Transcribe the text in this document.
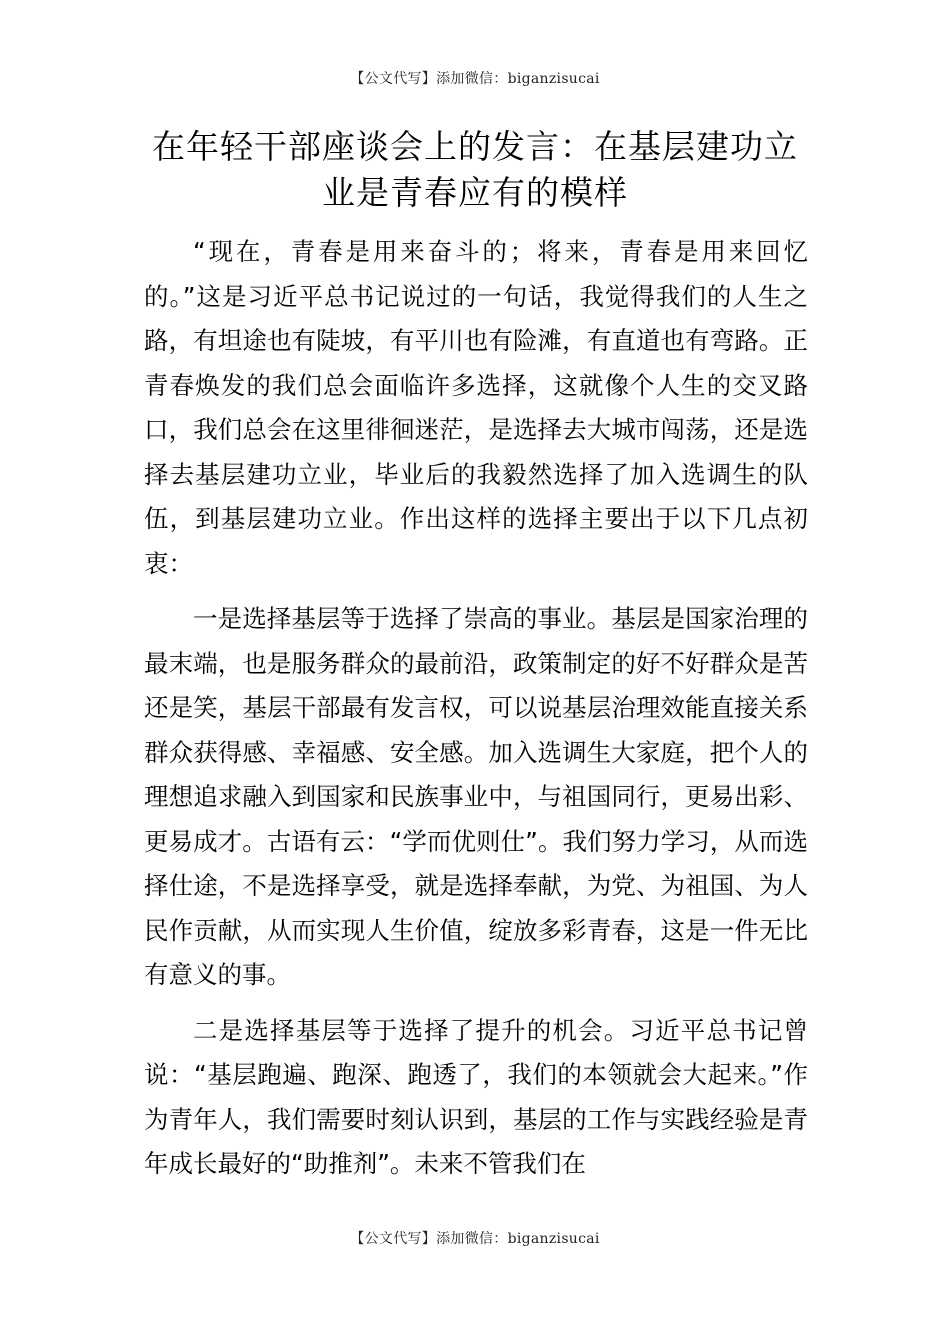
【公文代写】添加微信：biganzisucai
在年轻干部座谈会上的发言：在基层建功立业是青春应有的模样

“现在，青春是用来奋斗的；将来，青春是用来回忆的。”这是习近平总书记说过的一句话，我觉得我们的人生之路，有坦途也有陡坡，有平川也有险滩，有直道也有弯路。正青春焕发的我们总会面临许多选择，这就像个人生的交叉路口，我们总会在这里徘徊迷茫，是选择去大城市闯荡，还是选择去基层建功立业，毕业后的我毅然选择了加入选调生的队伍，到基层建功立业。作出这样的选择主要出于以下几点初衷：

一是选择基层等于选择了崇高的事业。基层是国家治理的最末端，也是服务群众的最前沿，政策制定的好不好群众是苦还是笑，基层干部最有发言权，可以说基层治理效能直接关系群众获得感、幸福感、安全感。加入选调生大家庭，把个人的理想追求融入到国家和民族事业中，与祖国同行，更易出彩、更易成才。古语有云：“学而优则仕”。我们努力学习，从而选择仕途，不是选择享受，就是选择奉献，为党、为祖国、为人民作贡献，从而实现人生价值，绽放多彩青春，这是一件无比有意义的事。

二是选择基层等于选择了提升的机会。习近平总书记曾说：“基层跑遍、跑深、跑透了，我们的本领就会大起来。”作为青年人，我们需要时刻认识到，基层的工作与实践经验是青年成长最好的“助推剂”。未来不管我们在

【公文代写】添加微信：biganzisucai
